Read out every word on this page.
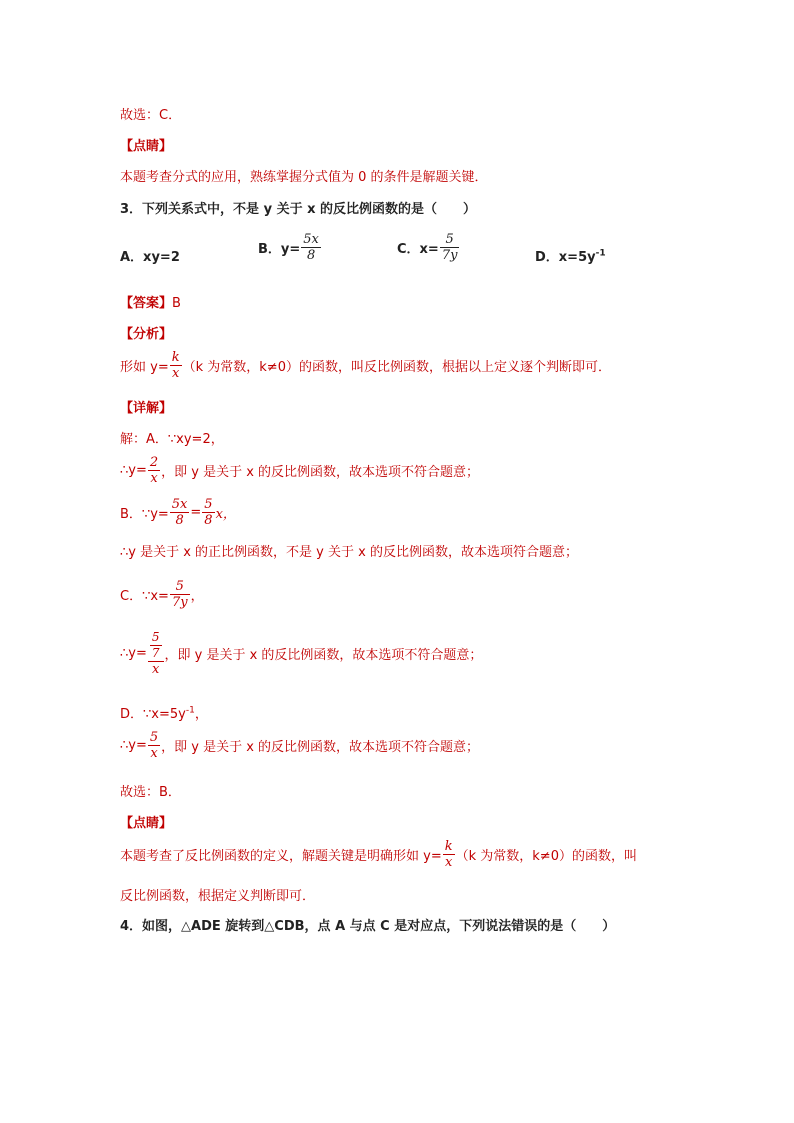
故选：C．
【点睛】
本题考查分式的应用，熟练掌握分式值为 0 的条件是解题关键．
3．下列关系式中，不是 y 关于 x 的反比例函数的是（　　）
A．xy=2
B．$y= \frac{5x}{8}$	C．$x= \frac{5}{7y}$	D．$x=5y^{-1}$
【答案】B
【分析】
形如 $y= \frac{k}{x} (k$ 为常数，k≠0）的函数，叫反比例函数，根据以上定义逐个判断即可．
【详解】
解：A．∵xy=2，
∴y= $\frac{2}{x}$ ，即 y 是关于 x 的反比例函数，故本选项不符合题意；
B．∵y= $\frac{5x}{8} = \frac{5}{8}$ x，
∴y 是关于 x 的正比例函数，不是 y 关于 x 的反比例函数，故本选项符合题意；
C．∵x= $\frac{5}{7y}$ ，
∴y= 5
7
x ，即 y 是关于 x 的反比例函数，故本选项不符合题意；
D．$\because x=5y^{-1}$，
∴y= $\frac{5}{x}$ ，即 y 是关于 x 的反比例函数，故本选项不符合题意；
故选：B．
【点睛】
本题考查了反比例函数的定义，解题关键是明确形如 $y= \frac{k}{x} (k$ 为常数，k≠0）的函数，叫
反比例函数，根据定义判断即可．
4．如图，△ADE 旋转到△CDB，点 A 与点 C 是对应点，下列说法错误的是（　　）
